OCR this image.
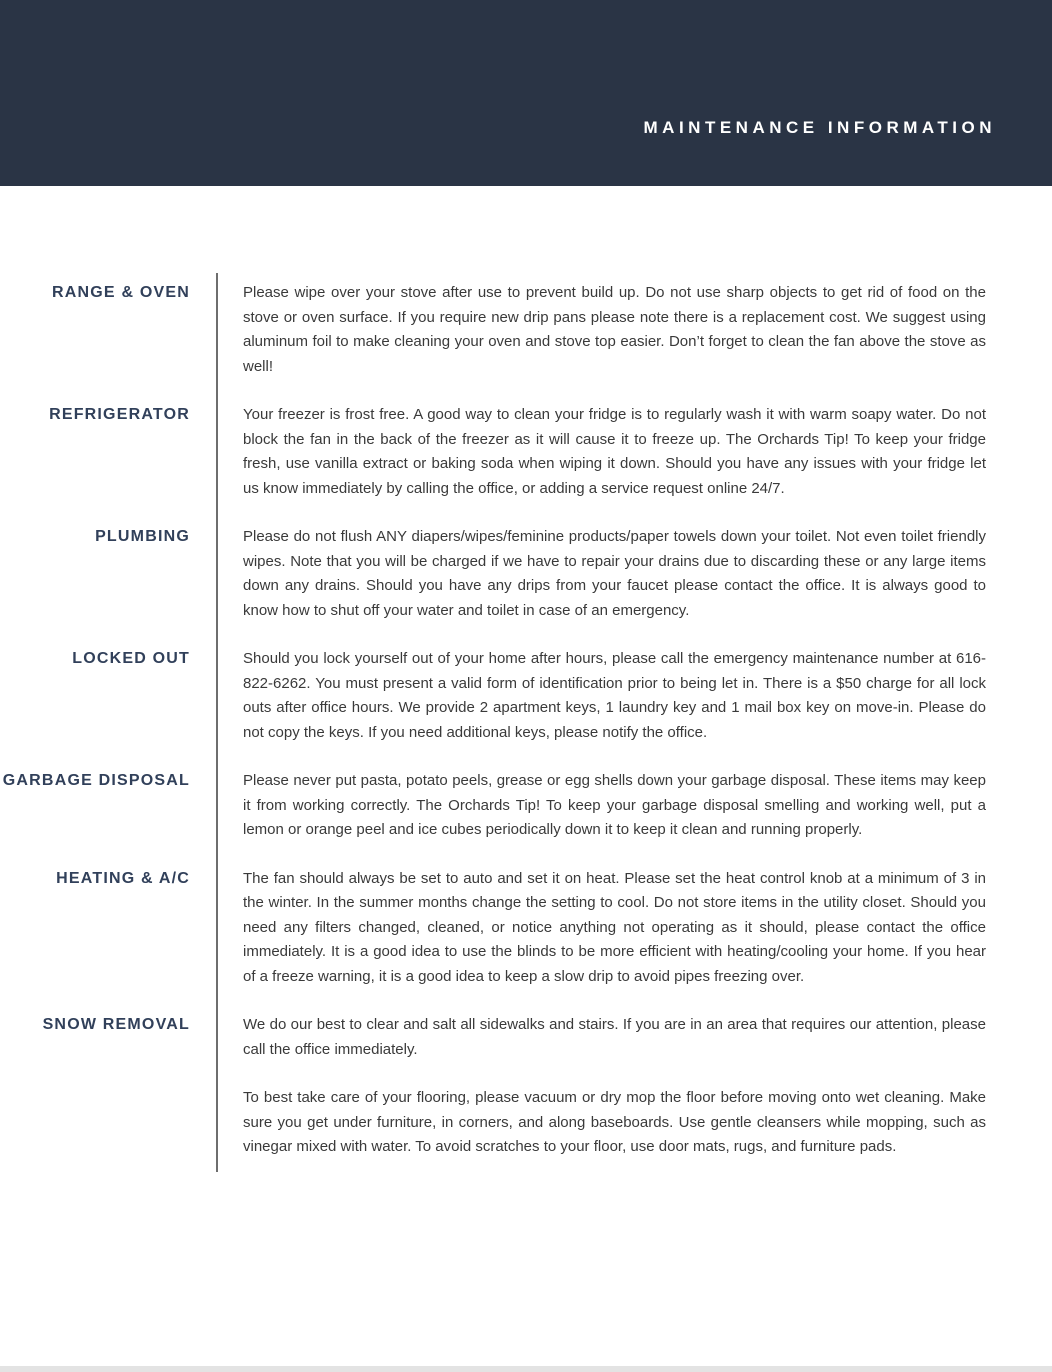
MAINTENANCE INFORMATION
RANGE & OVEN	Please wipe over your stove after use to prevent build up. Do not use sharp objects to get rid of food on the stove or oven surface. If you require new drip pans please note there is a replacement cost. We suggest using aluminum foil to make cleaning your oven and stove top easier. Don’t forget to clean the fan above the stove as well!
REFRIGERATOR	Your freezer is frost free. A good way to clean your fridge is to regularly wash it with warm soapy water. Do not block the fan in the back of the freezer as it will cause it to freeze up. The Orchards Tip! To keep your fridge fresh, use vanilla extract or baking soda when wiping it down. Should you have any issues with your fridge let us know immediately by calling the office, or adding a service request online 24/7.
PLUMBING	Please do not flush ANY diapers/wipes/feminine products/paper towels down your toilet. Not even toilet friendly wipes. Note that you will be charged if we have to repair your drains due to discarding these or any large items down any drains. Should you have any drips from your faucet please contact the office. It is always good to know how to shut off your water and toilet in case of an emergency.
LOCKED OUT	Should you lock yourself out of your home after hours, please call the emergency maintenance number at 616-822-6262. You must present a valid form of identification prior to being let in. There is a $50 charge for all lock outs after office hours. We provide 2 apartment keys, 1 laundry key and 1 mail box key on move-in. Please do not copy the keys. If you need additional keys, please notify the office.
GARBAGE DISPOSAL	Please never put pasta, potato peels, grease or egg shells down your garbage disposal. These items may keep it from working correctly. The Orchards Tip! To keep your garbage disposal smelling and working well, put a lemon or orange peel and ice cubes periodically down it to keep it clean and running properly.
HEATING & A/C	The fan should always be set to auto and set it on heat. Please set the heat control knob at a minimum of 3 in the winter. In the summer months change the setting to cool. Do not store items in the utility closet. Should you need any filters changed, cleaned, or notice anything not operating as it should, please contact the office immediately. It is a good idea to use the blinds to be more efficient with heating/cooling your home. If you hear of a freeze warning, it is a good idea to keep a slow drip to avoid pipes freezing over.
SNOW REMOVAL	We do our best to clear and salt all sidewalks and stairs. If you are in an area that requires our attention, please call the office immediately.
To best take care of your flooring, please vacuum or dry mop the floor before moving onto wet cleaning. Make sure you get under furniture, in corners, and along baseboards. Use gentle cleansers while mopping, such as vinegar mixed with water. To avoid scratches to your floor, use door mats, rugs, and furniture pads.
